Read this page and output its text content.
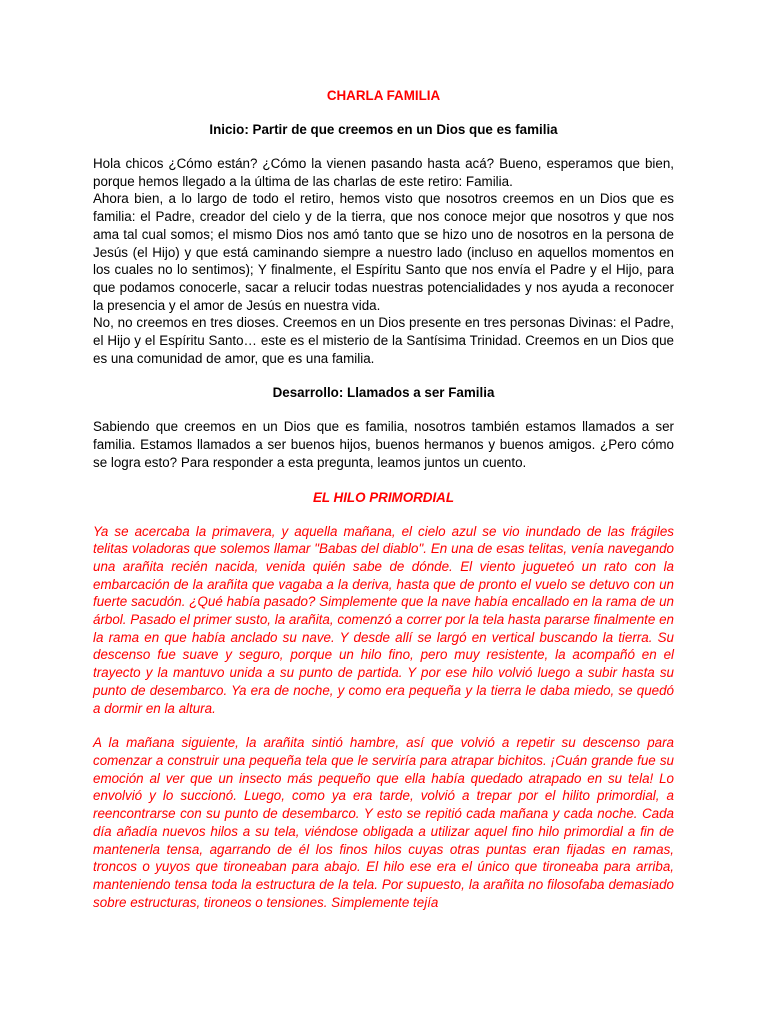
CHARLA FAMILIA

Inicio: Partir de que creemos en un Dios que es familia

Hola chicos ¿Cómo están? ¿Cómo la vienen pasando hasta acá? Bueno, esperamos que bien, porque hemos llegado a la última de las charlas de este retiro: Familia.

Ahora bien, a lo largo de todo el retiro, hemos visto que nosotros creemos en un Dios que es familia: el Padre, creador del cielo y de la tierra, que nos conoce mejor que nosotros y que nos ama tal cual somos; el mismo Dios nos amó tanto que se hizo uno de nosotros en la persona de Jesús (el Hijo) y que está caminando siempre a nuestro lado (incluso en aquellos momentos en los cuales no lo sentimos); Y finalmente, el Espíritu Santo que nos envía el Padre y el Hijo, para que podamos conocerle, sacar a relucir todas nuestras potencialidades y nos ayuda a reconocer la presencia y el amor de Jesús en nuestra vida.

No, no creemos en tres dioses. Creemos en un Dios presente en tres personas Divinas: el Padre, el Hijo y el Espíritu Santo… este es el misterio de la Santísima Trinidad. Creemos en un Dios que es una comunidad de amor, que es una familia.

Desarrollo: Llamados a ser Familia

Sabiendo que creemos en un Dios que es familia, nosotros también estamos llamados a ser familia. Estamos llamados a ser buenos hijos, buenos hermanos y buenos amigos. ¿Pero cómo se logra esto? Para responder a esta pregunta, leamos juntos un cuento.

EL HILO PRIMORDIAL

Ya se acercaba la primavera, y aquella mañana, el cielo azul se vio inundado de las frágiles telitas voladoras que solemos llamar "Babas del diablo". En una de esas telitas, venía navegando una arañita recién nacida, venida quién sabe de dónde. El viento jugueteó un rato con la embarcación de la arañita que vagaba a la deriva, hasta que de pronto el vuelo se detuvo con un fuerte sacudón. ¿Qué había pasado? Simplemente que la nave había encallado en la rama de un árbol. Pasado el primer susto, la arañita, comenzó a correr por la tela hasta pararse finalmente en la rama en que había anclado su nave. Y desde allí se largó en vertical buscando la tierra. Su descenso fue suave y seguro, porque un hilo fino, pero muy resistente, la acompañó en el trayecto y la mantuvo unida a su punto de partida. Y por ese hilo volvió luego a subir hasta su punto de desembarco. Ya era de noche, y como era pequeña y la tierra le daba miedo, se quedó a dormir en la altura.

A la mañana siguiente, la arañita sintió hambre, así que volvió a repetir su descenso para comenzar a construir una pequeña tela que le serviría para atrapar bichitos. ¡Cuán grande fue su emoción al ver que un insecto más pequeño que ella había quedado atrapado en su tela! Lo envolvió y lo succionó. Luego, como ya era tarde, volvió a trepar por el hilito primordial, a reencontrarse con su punto de desembarco. Y esto se repitió cada mañana y cada noche. Cada día añadía nuevos hilos a su tela, viéndose obligada a utilizar aquel fino hilo primordial a fin de mantenerla tensa, agarrando de él los finos hilos cuyas otras puntas eran fijadas en ramas, troncos o yuyos que tironeaban para abajo. El hilo ese era el único que tironeaba para arriba, manteniendo tensa toda la estructura de la tela. Por supuesto, la arañita no filosofaba demasiado sobre estructuras, tironeos o tensiones. Simplemente tejía
